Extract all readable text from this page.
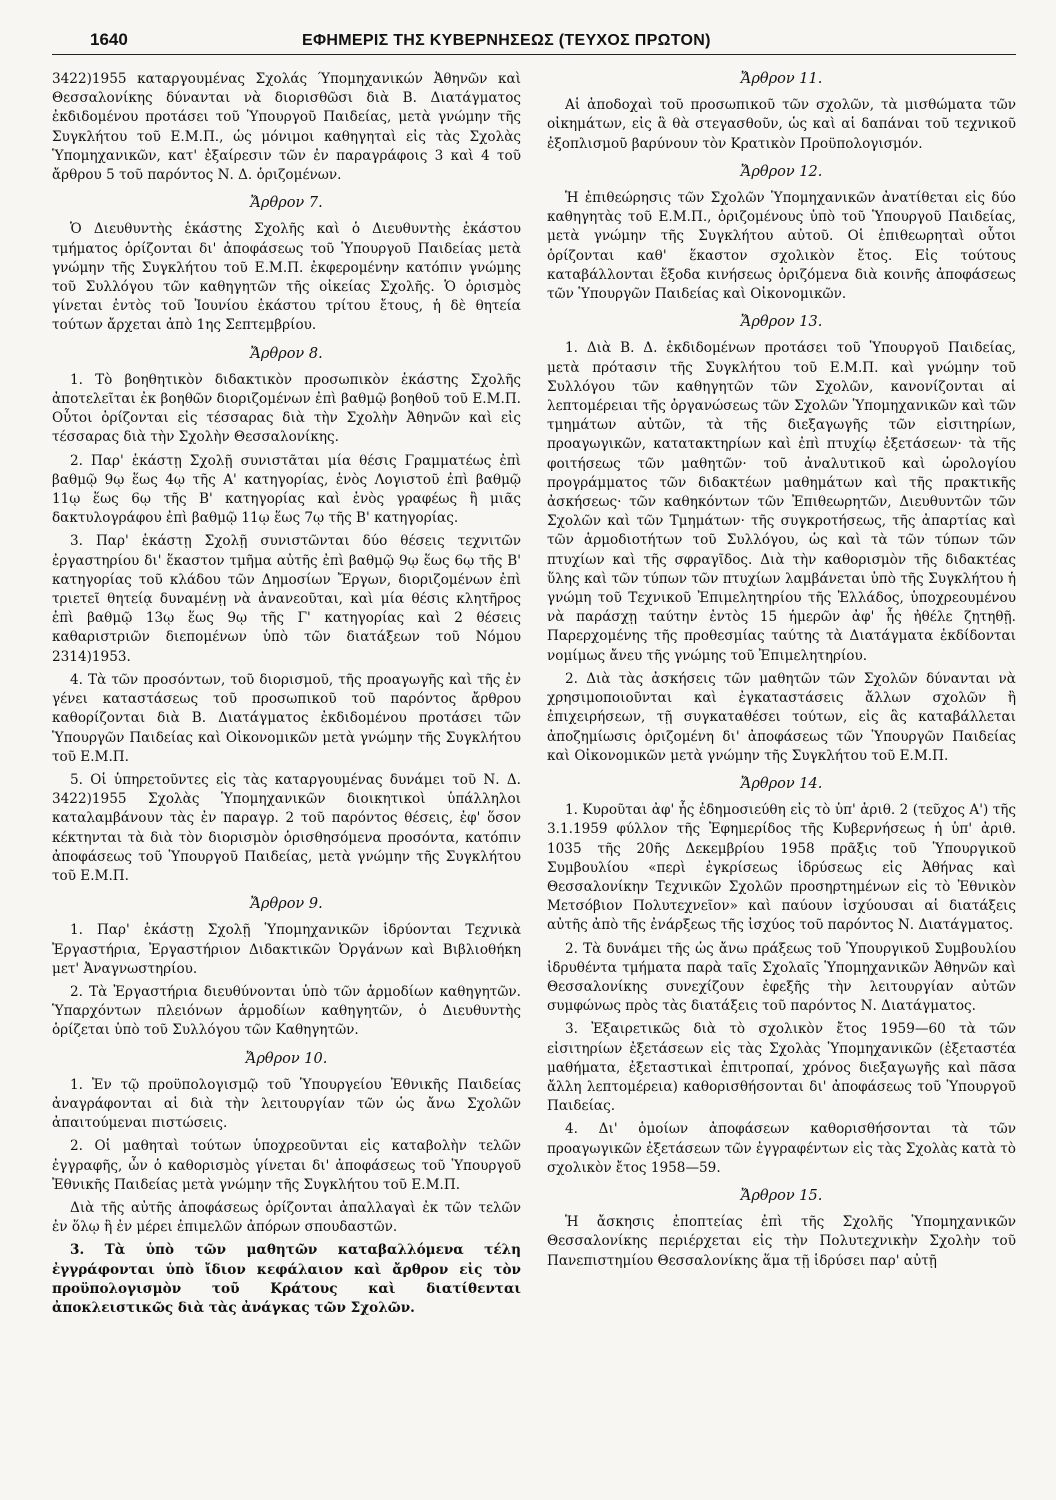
1640	ΕΦΗΜΕΡΙΣ ΤΗΣ ΚΥΒΕΡΝΗΣΕΩΣ (ΤΕΥΧΟΣ ΠΡΩΤΟΝ)

3422)1955 καταργουμένας Σχολάς Ύπομηχανικών Ἀθηνῶν καὶ Θεσσαλονίκης δύνανται νὰ διορισθῶσι διὰ Β. Διατάγματος ἐκδιδομένου προτάσει τοῦ Ὑπουργοῦ Παιδείας, μετὰ γνώμην τῆς Συγκλήτου τοῦ Ε.Μ.Π., ὡς μόνιμοι καθηγηταὶ εἰς τὰς Σχολὰς Ὑπομηχανικῶν, κατ' ἐξαίρεσιν τῶν ἐν παραγράφοις 3 καὶ 4 τοῦ ἄρθρου 5 τοῦ παρόντος Ν. Δ. ὁριζομένων.

Ἄρθρον 7.

Ὁ Διευθυντὴς ἑκάστης Σχολῆς καὶ ὁ Διευθυντὴς ἑκάστου τμήματος ὁρίζονται δι' ἀποφάσεως τοῦ Ὑπουργοῦ Παιδείας μετὰ γνώμην τῆς Συγκλήτου τοῦ Ε.Μ.Π. ἐκφερομένην κατόπιν γνώμης τοῦ Συλλόγου τῶν καθηγητῶν τῆς οἰκείας Σχολῆς. Ὁ ὁρισμὸς γίνεται ἐντὸς τοῦ Ἰουνίου ἑκάστου τρίτου ἔτους, ἡ δὲ θητεία τούτων ἄρχεται ἀπὸ 1ης Σεπτεμβρίου.

Ἄρθρον 8.

1. Τὸ βοηθητικὸν διδακτικὸν προσωπικὸν ἑκάστης Σχολῆς ἀποτελεῖται ἐκ βοηθῶν διοριζομένων ἐπὶ βαθμῷ βοηθοῦ τοῦ Ε.Μ.Π. Οὗτοι ὁρίζονται εἰς τέσσαρας διὰ τὴν Σχολὴν Ἀθηνῶν καὶ εἰς τέσσαρας διὰ τὴν Σχολὴν Θεσσαλονίκης.

2. Παρ' ἑκάστῃ Σχολῇ συνιστᾶται μία θέσις Γραμματέως ἐπὶ βαθμῷ 9ῳ ἕως 4ῳ τῆς Α' κατηγορίας, ἑνὸς Λογιστοῦ ἐπὶ βαθμῷ 11ῳ ἕως 6ῳ τῆς Β' κατηγορίας καὶ ἑνὸς γραφέως ἢ μιᾶς δακτυλογράφου ἐπὶ βαθμῷ 11ῳ ἕως 7ῳ τῆς Β' κατηγορίας.

3. Παρ' ἑκάστῃ Σχολῇ συνιστῶνται δύο θέσεις τεχνιτῶν ἐργαστηρίου δι' ἕκαστον τμῆμα αὐτῆς ἐπὶ βαθμῷ 9ῳ ἕως 6ῳ τῆς Β' κατηγορίας τοῦ κλάδου τῶν Δημοσίων Ἔργων, διοριζομένων ἐπὶ τριετεῖ θητείᾳ δυναμένῃ νὰ ἀνανεοῦται, καὶ μία θέσις κλητῆρος ἐπὶ βαθμῷ 13ῳ ἕως 9ῳ τῆς Γ' κατηγορίας καὶ 2 θέσεις καθαριστριῶν διεπομένων ὑπὸ τῶν διατάξεων τοῦ Νόμου 2314)1953.

4. Τὰ τῶν προσόντων, τοῦ διορισμοῦ, τῆς προαγωγῆς καὶ τῆς ἐν γένει καταστάσεως τοῦ προσωπικοῦ τοῦ παρόντος ἄρθρου καθορίζονται διὰ Β. Διατάγματος ἐκδιδομένου προτάσει τῶν Ὑπουργῶν Παιδείας καὶ Οἰκονομικῶν μετὰ γνώμην τῆς Συγκλήτου τοῦ Ε.Μ.Π.

5. Οἱ ὑπηρετοῦντες εἰς τὰς καταργουμένας δυνάμει τοῦ Ν. Δ. 3422)1955 Σχολὰς Ὑπομηχανικῶν διοικητικοὶ ὑπάλληλοι καταλαμβάνουν τὰς ἐν παραγρ. 2 τοῦ παρόντος θέσεις, ἐφ' ὅσον κέκτηνται τὰ διὰ τὸν διορισμὸν ὁρισθησόμενα προσόντα, κατόπιν ἀποφάσεως τοῦ Ὑπουργοῦ Παιδείας, μετὰ γνώμην τῆς Συγκλήτου τοῦ Ε.Μ.Π.

Ἄρθρον 9.

1. Παρ' ἑκάστῃ Σχολῇ Ὑπομηχανικῶν ἱδρύονται Τεχνικὰ Ἐργαστήρια, Ἐργαστήριον Διδακτικῶν Ὀργάνων καὶ Βιβλιοθήκη μετ' Ἀναγνωστηρίου.

2. Τὰ Ἐργαστήρια διευθύνονται ὑπὸ τῶν ἁρμοδίων καθηγητῶν. Ὑπαρχόντων πλειόνων ἁρμοδίων καθηγητῶν, ὁ Διευθυντὴς ὁρίζεται ὑπὸ τοῦ Συλλόγου τῶν Καθηγητῶν.

Ἄρθρον 10.

1. Ἐν τῷ προϋπολογισμῷ τοῦ Ὑπουργείου Ἐθνικῆς Παιδείας ἀναγράφονται αἱ διὰ τὴν λειτουργίαν τῶν ὡς ἄνω Σχολῶν ἀπαιτούμεναι πιστώσεις.

2. Οἱ μαθηταὶ τούτων ὑποχρεοῦνται εἰς καταβολὴν τελῶν ἐγγραφῆς, ὧν ὁ καθορισμὸς γίνεται δι' ἀποφάσεως τοῦ Ὑπουργοῦ Ἐθνικῆς Παιδείας μετὰ γνώμην τῆς Συγκλήτου τοῦ Ε.Μ.Π.

Διὰ τῆς αὐτῆς ἀποφάσεως ὁρίζονται ἀπαλλαγαὶ ἐκ τῶν τελῶν ἐν ὅλῳ ἢ ἐν μέρει ἐπιμελῶν ἀπόρων σπουδαστῶν.

3. Τὰ ὑπὸ τῶν μαθητῶν καταβαλλόμενα τέλη ἐγγράφονται ὑπὸ ἴδιον κεφάλαιον καὶ ἄρθρον εἰς τὸν προϋπολογισμὸν τοῦ Κράτους καὶ διατίθενται ἀποκλειστικῶς διὰ τὰς ἀνάγκας τῶν Σχολῶν.

Ἄρθρον 11.

Αἱ ἀποδοχαὶ τοῦ προσωπικοῦ τῶν σχολῶν, τὰ μισθώματα τῶν οἰκημάτων, εἰς ἃ θὰ στεγασθοῦν, ὡς καὶ αἱ δαπάναι τοῦ τεχνικοῦ ἐξοπλισμοῦ βαρύνουν τὸν Κρατικὸν Προϋπολογισμόν.

Ἄρθρον 12.

Ἡ ἐπιθεώρησις τῶν Σχολῶν Ὑπομηχανικῶν ἀνατίθεται εἰς δύο καθηγητὰς τοῦ Ε.Μ.Π., ὁριζομένους ὑπὸ τοῦ Ὑπουργοῦ Παιδείας, μετὰ γνώμην τῆς Συγκλήτου αὐτοῦ. Οἱ ἐπιθεωρηταὶ οὗτοι ὁρίζονται καθ' ἕκαστον σχολικὸν ἔτος. Εἰς τούτους καταβάλλονται ἔξοδα κινήσεως ὁριζόμενα διὰ κοινῆς ἀποφάσεως τῶν Ὑπουργῶν Παιδείας καὶ Οἰκονομικῶν.

Ἄρθρον 13.

1. Διὰ Β. Δ. ἐκδιδομένων προτάσει τοῦ Ὑπουργοῦ Παιδείας, μετὰ πρότασιν τῆς Συγκλήτου τοῦ Ε.Μ.Π. καὶ γνώμην τοῦ Συλλόγου τῶν καθηγητῶν τῶν Σχολῶν, κανονίζονται αἱ λεπτομέρειαι τῆς ὀργανώσεως τῶν Σχολῶν Ὑπομηχανικῶν καὶ τῶν τμημάτων αὐτῶν, τὰ τῆς διεξαγωγῆς τῶν εἰσιτηρίων, προαγωγικῶν, κατατακτηρίων καὶ ἐπὶ πτυχίῳ ἐξετάσεων· τὰ τῆς φοιτήσεως τῶν μαθητῶν· τοῦ ἀναλυτικοῦ καὶ ὡρολογίου προγράμματος τῶν διδακτέων μαθημάτων καὶ τῆς πρακτικῆς ἀσκήσεως· τῶν καθηκόντων τῶν Ἐπιθεωρητῶν, Διευθυντῶν τῶν Σχολῶν καὶ τῶν Τμημάτων· τῆς συγκροτήσεως, τῆς ἀπαρτίας καὶ τῶν ἁρμοδιοτήτων τοῦ Συλλόγου, ὡς καὶ τὰ τῶν τύπων τῶν πτυχίων καὶ τῆς σφραγῖδος. Διὰ τὴν καθορισμὸν τῆς διδακτέας ὕλης καὶ τῶν τύπων τῶν πτυχίων λαμβάνεται ὑπὸ τῆς Συγκλήτου ἡ γνώμη τοῦ Τεχνικοῦ Ἐπιμελητηρίου τῆς Ἑλλάδος, ὑποχρεουμένου νὰ παράσχῃ ταύτην ἐντὸς 15 ἡμερῶν ἀφ' ἧς ἠθέλε ζητηθῇ. Παρερχομένης τῆς προθεσμίας ταύτης τὰ Διατάγματα ἐκδίδονται νομίμως ἄνευ τῆς γνώμης τοῦ Ἐπιμελητηρίου.

2. Διὰ τὰς ἀσκήσεις τῶν μαθητῶν τῶν Σχολῶν δύνανται νὰ χρησιμοποιοῦνται καὶ ἐγκαταστάσεις ἄλλων σχολῶν ἢ ἐπιχειρήσεων, τῇ συγκαταθέσει τούτων, εἰς ἃς καταβάλλεται ἀποζημίωσις ὁριζομένη δι' ἀποφάσεως τῶν Ὑπουργῶν Παιδείας καὶ Οἰκονομικῶν μετὰ γνώμην τῆς Συγκλήτου τοῦ Ε.Μ.Π.

Ἄρθρον 14.

1. Κυροῦται ἀφ' ἧς ἐδημοσιεύθη εἰς τὸ ὑπ' ἀριθ. 2 (τεῦχος Α') τῆς 3.1.1959 φύλλον τῆς Ἐφημερίδος τῆς Κυβερνήσεως ἡ ὑπ' ἀριθ. 1035 τῆς 20ῆς Δεκεμβρίου 1958 πρᾶξις τοῦ Ὑπουργικοῦ Συμβουλίου «περὶ ἐγκρίσεως ἱδρύσεως εἰς Ἀθήνας καὶ Θεσσαλονίκην Τεχνικῶν Σχολῶν προσηρτημένων εἰς τὸ Ἐθνικὸν Μετσόβιον Πολυτεχνεῖον» καὶ παύουν ἰσχύουσαι αἱ διατάξεις αὐτῆς ἀπὸ τῆς ἐνάρξεως τῆς ἰσχύος τοῦ παρόντος Ν. Διατάγματος.

2. Τὰ δυνάμει τῆς ὡς ἄνω πράξεως τοῦ Ὑπουργικοῦ Συμβουλίου ἱδρυθέντα τμήματα παρὰ ταῖς Σχολαῖς Ὑπομηχανικῶν Ἀθηνῶν καὶ Θεσσαλονίκης συνεχίζουν ἐφεξῆς τὴν λειτουργίαν αὐτῶν συμφώνως πρὸς τὰς διατάξεις τοῦ παρόντος Ν. Διατάγματος.

3. Ἐξαιρετικῶς διὰ τὸ σχολικὸν ἔτος 1959—60 τὰ τῶν εἰσιτηρίων ἐξετάσεων εἰς τὰς Σχολὰς Ὑπομηχανικῶν (ἐξεταστέα μαθήματα, ἐξεταστικαὶ ἐπιτροπαί, χρόνος διεξαγωγῆς καὶ πᾶσα ἄλλη λεπτομέρεια) καθορισθήσονται δι' ἀποφάσεως τοῦ Ὑπουργοῦ Παιδείας.

4. Δι' ὁμοίων ἀποφάσεων καθορισθήσονται τὰ τῶν προαγωγικῶν ἐξετάσεων τῶν ἐγγραφέντων εἰς τὰς Σχολὰς κατὰ τὸ σχολικὸν ἔτος 1958—59.

Ἄρθρον 15.

Ἡ ἄσκησις ἐποπτείας ἐπὶ τῆς Σχολῆς Ὑπομηχανικῶν Θεσσαλονίκης περιέρχεται εἰς τὴν Πολυτεχνικὴν Σχολὴν τοῦ Πανεπιστημίου Θεσσαλονίκης ἅμα τῇ ἱδρύσει παρ' αὐτῇ
